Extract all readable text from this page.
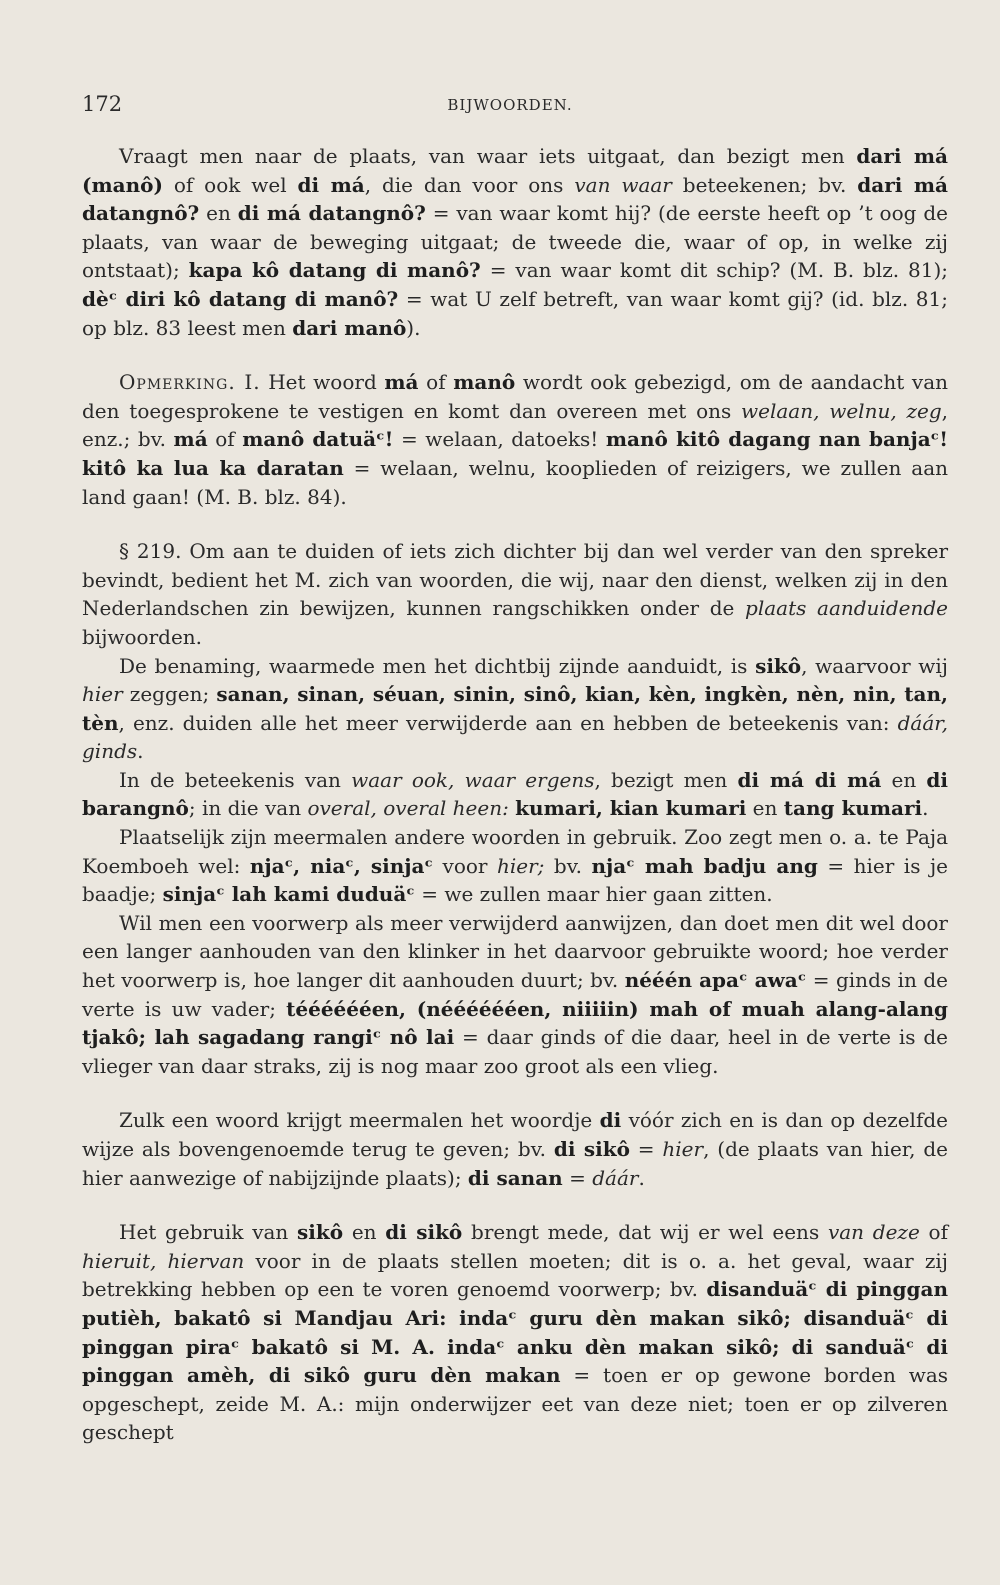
172	BIJWOORDEN.

Vraagt men naar de plaats, van waar iets uitgaat, dan bezigt men dari má (manô) of ook wel di má, die dan voor ons van waar beteekenen; bv. dari má datangnô? en di má datangnô? = van waar komt hij? (de eerste heeft op ’t oog de plaats, van waar de beweging uitgaat; de tweede die, waar of op, in welke zij ontstaat); kapa kô datang di manô? = van waar komt dit schip? (M. B. blz. 81); dèᶜ diri kô datang di manô? = wat U zelf betreft, van waar komt gij? (id. blz. 81; op blz. 83 leest men dari manô).

Opmerking. I. Het woord má of manô wordt ook gebezigd, om de aandacht van den toegesprokene te vestigen en komt dan overeen met ons welaan, welnu, zeg, enz.; bv. má of manô datuäᶜ! = welaan, datoeks! manô kitô dagang nan banjaᶜ! kitô ka lua ka daratan = welaan, welnu, kooplieden of reizigers, we zullen aan land gaan! (M. B. blz. 84).

§ 219. Om aan te duiden of iets zich dichter bij dan wel verder van den spreker bevindt, bedient het M. zich van woorden, die wij, naar den dienst, welken zij in den Nederlandschen zin bewijzen, kunnen rangschikken onder de plaats aanduidende bijwoorden.

De benaming, waarmede men het dichtbij zijnde aanduidt, is sikô, waarvoor wij hier zeggen; sanan, sinan, séuan, sinin, sinô, kian, kèn, ingkèn, nèn, nin, tan, tèn, enz. duiden alle het meer verwijderde aan en hebben de beteekenis van: dáár, ginds.

In de beteekenis van waar ook, waar ergens, bezigt men di má di má en di barangnô; in die van overal, overal heen: kumari, kian kumari en tang kumari.

Plaatselijk zijn meermalen andere woorden in gebruik. Zoo zegt men o. a. te Paja Koemboeh wel: njaᶜ, niaᶜ, sinjaᶜ voor hier; bv. njaᶜ mah badju ang = hier is je baadje; sinjaᶜ lah kami duduäᶜ = we zullen maar hier gaan zitten.

Wil men een voorwerp als meer verwijderd aanwijzen, dan doet men dit wel door een langer aanhouden van den klinker in het daarvoor gebruikte woord; hoe verder het voorwerp is, hoe langer dit aanhouden duurt; bv. nééén apaᶜ awaᶜ = ginds in de verte is uw vader; tééééééen, (nééééééen, niiiiin) mah of muah alang-alang tjakô; lah sagadang rangiᶜ nô lai = daar ginds of die daar, heel in de verte is de vlieger van daar straks, zij is nog maar zoo groot als een vlieg.

Zulk een woord krijgt meermalen het woordje di vóór zich en is dan op dezelfde wijze als bovengenoemde terug te geven; bv. di sikô = hier, (de plaats van hier, de hier aanwezige of nabijzijnde plaats); di sanan = dáár.

Het gebruik van sikô en di sikô brengt mede, dat wij er wel eens van deze of hieruit, hiervan voor in de plaats stellen moeten; dit is o. a. het geval, waar zij betrekking hebben op een te voren genoemd voorwerp; bv. disanduäᶜ di pinggan putièh, bakatô si Mandjau Ari: indaᶜ guru dèn makan sikô; disanduäᶜ di pinggan piraᶜ bakatô si M. A. indaᶜ anku dèn makan sikô; di sanduäᶜ di pinggan amèh, di sikô guru dèn makan = toen er op gewone borden was opgeschept, zeide M. A.: mijn onderwijzer eet van deze niet; toen er op zilveren geschept
